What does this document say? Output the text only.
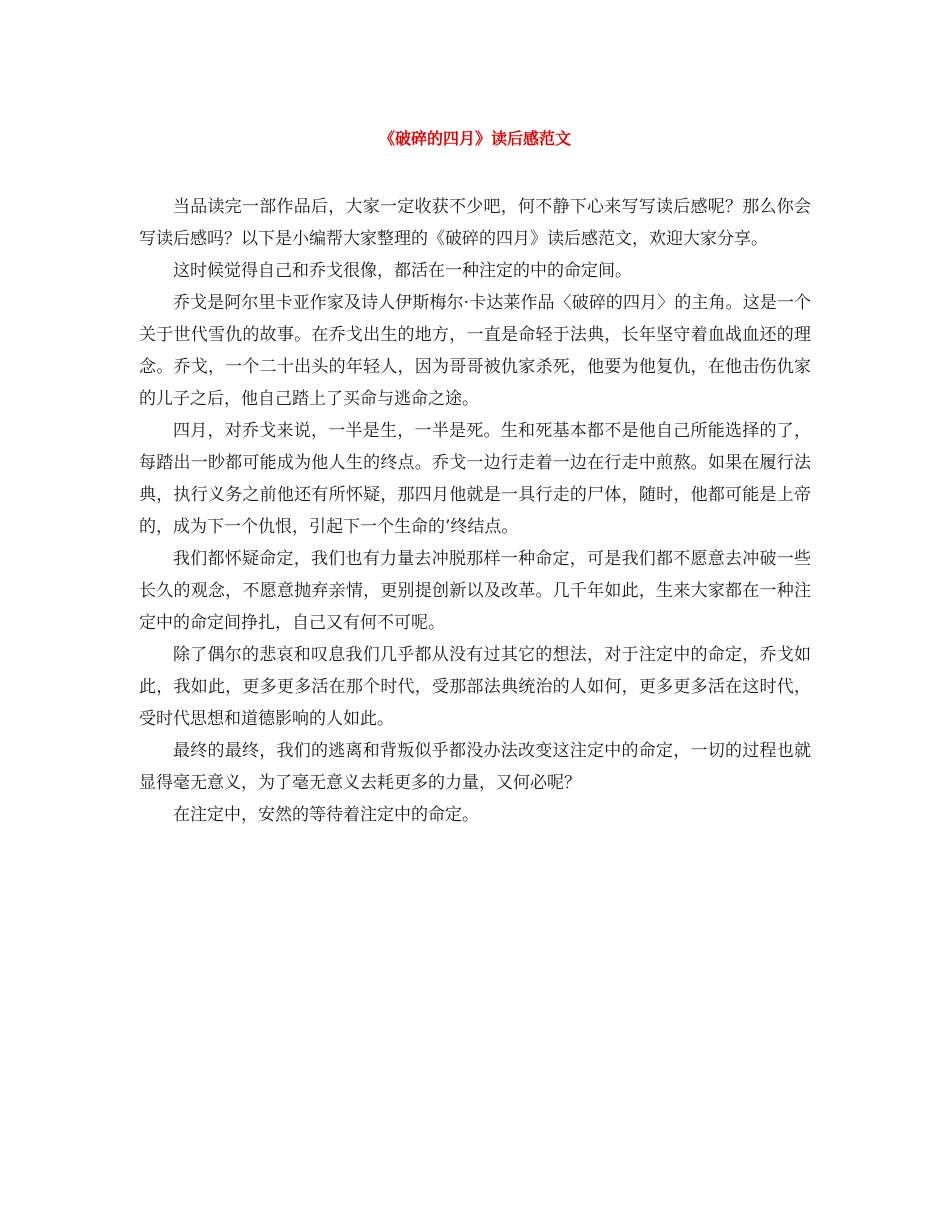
《破碎的四月》读后感范文

当品读完一部作品后，大家一定收获不少吧，何不静下心来写写读后感呢？那么你会写读后感吗？以下是小编帮大家整理的《破碎的四月》读后感范文，欢迎大家分享。

这时候觉得自己和乔戈很像，都活在一种注定的中的命定间。

乔戈是阿尔里卡亚作家及诗人伊斯梅尔·卡达莱作品〈破碎的四月〉的主角。这是一个关于世代雪仇的故事。在乔戈出生的地方，一直是命轻于法典，长年坚守着血战血还的理念。乔戈，一个二十出头的年轻人，因为哥哥被仇家杀死，他要为他复仇，在他击伤仇家的儿子之后，他自己踏上了买命与逃命之途。

四月，对乔戈来说，一半是生，一半是死。生和死基本都不是他自己所能选择的了，每踏出一眇都可能成为他人生的终点。乔戈一边行走着一边在行走中煎熬。如果在履行法典，执行义务之前他还有所怀疑，那四月他就是一具行走的尸体，随时，他都可能是上帝的，成为下一个仇恨，引起下一个生命的’终结点。

我们都怀疑命定，我们也有力量去冲脱那样一种命定，可是我们都不愿意去冲破一些长久的观念，不愿意抛弃亲情，更别提创新以及改革。几千年如此，生来大家都在一种注定中的命定间挣扎，自己又有何不可呢。

除了偶尔的悲哀和叹息我们几乎都从没有过其它的想法，对于注定中的命定，乔戈如此，我如此，更多更多活在那个时代，受那部法典统治的人如何，更多更多活在这时代，受时代思想和道德影响的人如此。

最终的最终，我们的逃离和背叛似乎都没办法改变这注定中的命定，一切的过程也就显得毫无意义，为了毫无意义去耗更多的力量，又何必呢？

在注定中，安然的等待着注定中的命定。
